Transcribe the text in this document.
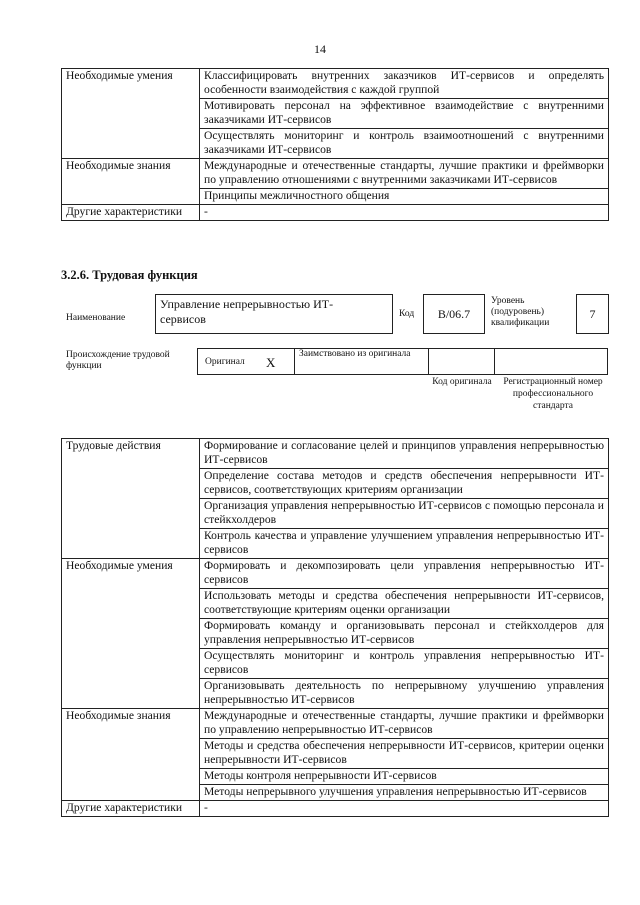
14
Необходимые умения	Классифицировать внутренних заказчиков ИТ-сервисов и определять особенности взаимодействия с каждой группой
	Мотивировать персонал на эффективное взаимодействие с внутренними заказчиками ИТ-сервисов
	Осуществлять мониторинг и контроль взаимоотношений с внутренними заказчиками ИТ-сервисов
Необходимые знания	Международные и отечественные стандарты, лучшие практики и фреймворки по управлению отношениями с внутренними заказчиками ИТ-сервисов
	Принципы межличностного общения
Другие характеристики	-
3.2.6. Трудовая функция
Наименование
Управление непрерывностью ИТ-сервисов	Код	B/06.7
Уровень (подуровень) квалификации
7
Происхождение трудовой функции	Оригинал X
Заимствовано из оригинала
Код оригинала	Регистрационный номер профессионального стандарта
Трудовые действия	Формирование и согласование целей и принципов управления непрерывностью ИТ-сервисов
	Определение состава методов и средств обеспечения непрерывности ИТ-сервисов, соответствующих критериям организации
	Организация управления непрерывностью ИТ-сервисов с помощью персонала и стейкхолдеров
	Контроль качества и управление улучшением управления непрерывностью ИТ-сервисов
Необходимые умения	Формировать и декомпозировать цели управления непрерывностью ИТ-сервисов
	Использовать методы и средства обеспечения непрерывности ИТ-сервисов, соответствующие критериям оценки организации
	Формировать команду и организовывать персонал и стейкхолдеров для управления непрерывностью ИТ-сервисов
	Осуществлять мониторинг и контроль управления непрерывностью ИТ-сервисов
	Организовывать деятельность по непрерывному улучшению управления непрерывностью ИТ-сервисов
Необходимые знания	Международные и отечественные стандарты, лучшие практики и фреймворки по управлению непрерывностью ИТ-сервисов
	Методы и средства обеспечения непрерывности ИТ-сервисов, критерии оценки непрерывности ИТ-сервисов
	Методы контроля непрерывности ИТ-сервисов
	Методы непрерывного улучшения управления непрерывностью ИТ-сервисов
Другие характеристики	-
